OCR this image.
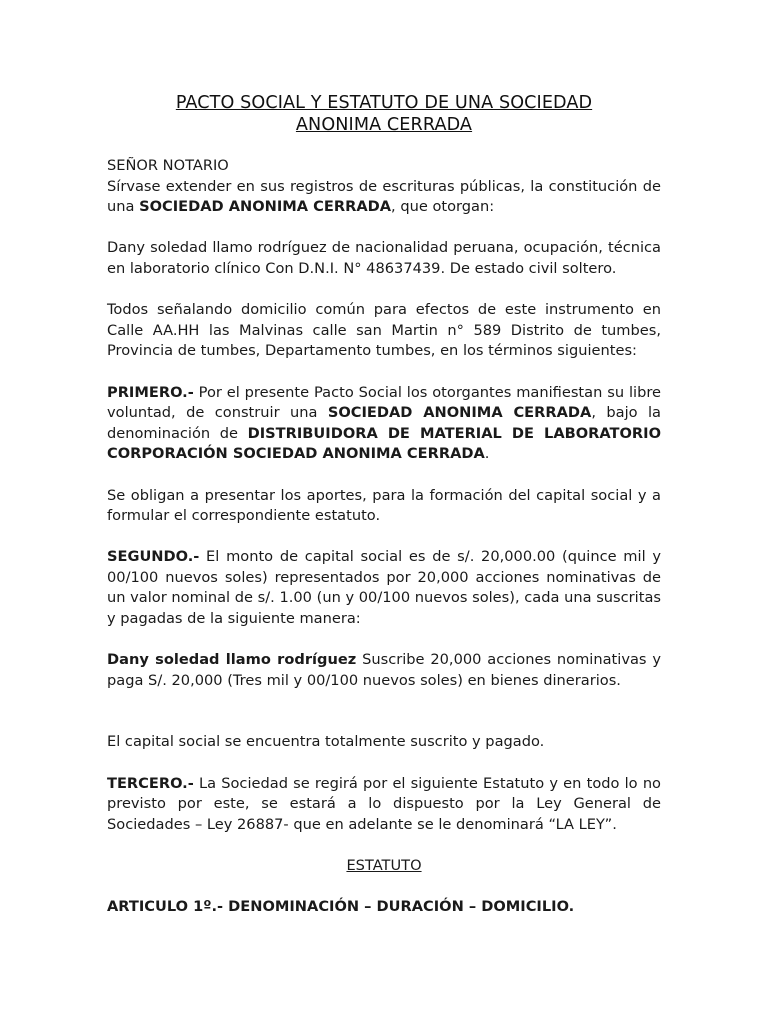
PACTO SOCIAL Y ESTATUTO DE UNA SOCIEDAD

ANONIMA CERRADA

SEÑOR NOTARIO

Sírvase extender en sus registros de escrituras públicas, la constitución de una SOCIEDAD ANONIMA CERRADA, que otorgan:

Dany soledad llamo rodríguez de nacionalidad peruana, ocupación, técnica en laboratorio clínico Con D.N.I. N° 48637439. De estado civil soltero.

Todos señalando domicilio común para efectos de este instrumento en Calle AA.HH las Malvinas calle san Martin n° 589 Distrito de tumbes, Provincia de tumbes, Departamento tumbes, en los términos siguientes:

PRIMERO.- Por el presente Pacto Social los otorgantes manifiestan su libre voluntad, de construir una SOCIEDAD ANONIMA CERRADA, bajo la denominación de DISTRIBUIDORA DE MATERIAL DE LABORATORIO CORPORACIÓN SOCIEDAD ANONIMA CERRADA.

Se obligan a presentar los aportes, para la formación del capital social y a formular el correspondiente estatuto.

SEGUNDO.- El monto de capital social es de s/. 20,000.00 (quince mil y 00/100 nuevos soles) representados por 20,000 acciones nominativas de un valor nominal de s/. 1.00 (un y 00/100 nuevos soles), cada una suscritas y pagadas de la siguiente manera:

Dany soledad llamo rodríguez Suscribe 20,000 acciones nominativas y paga S/. 20,000 (Tres mil y 00/100 nuevos soles) en bienes dinerarios.

El capital social se encuentra totalmente suscrito y pagado.

TERCERO.- La Sociedad se regirá por el siguiente Estatuto y en todo lo no previsto por este, se estará a lo dispuesto por la Ley General de Sociedades – Ley 26887- que en adelante se le denominará “LA LEY”.

ESTATUTO

ARTICULO 1º.- DENOMINACIÓN – DURACIÓN – DOMICILIO.
